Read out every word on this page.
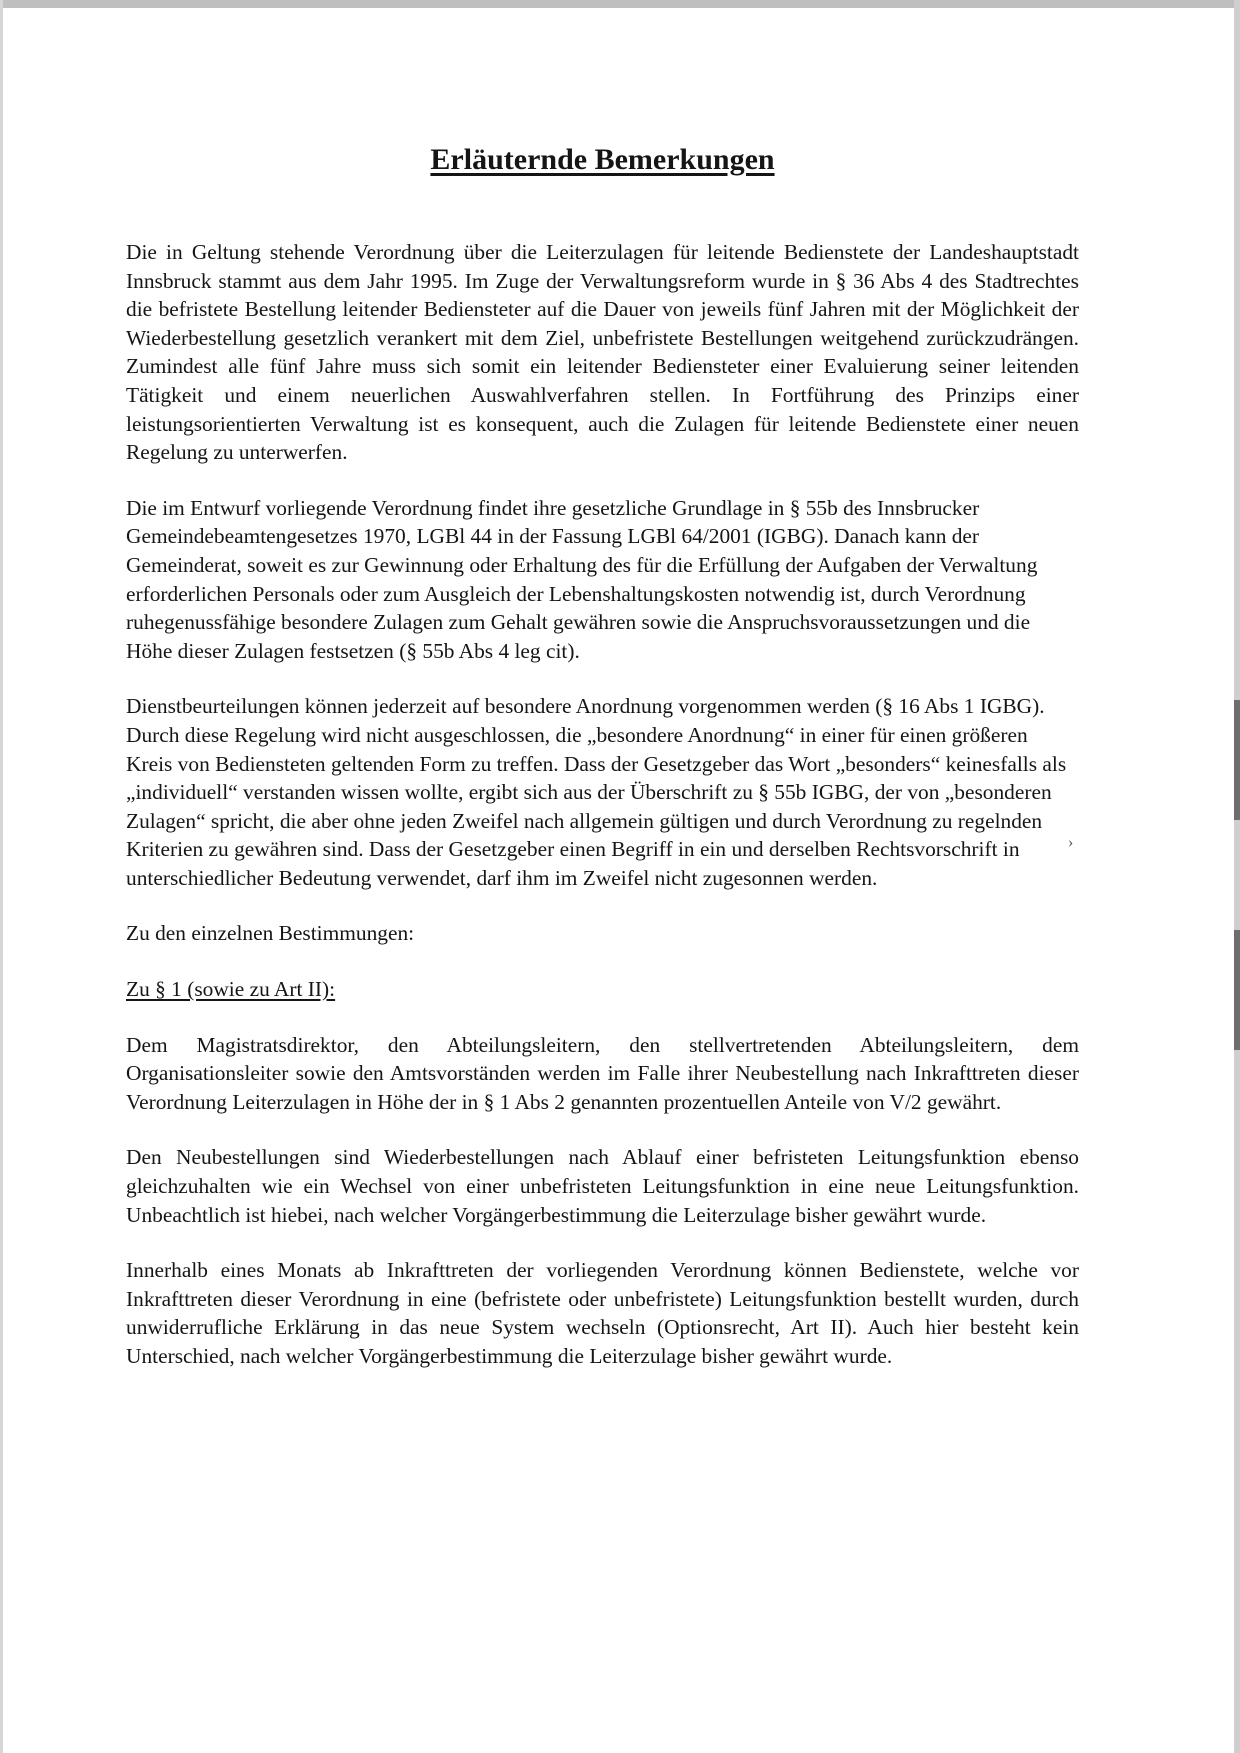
Erläuternde Bemerkungen

Die in Geltung stehende Verordnung über die Leiterzulagen für leitende Bedienstete der Landeshauptstadt Innsbruck stammt aus dem Jahr 1995. Im Zuge der Verwaltungsreform wurde in § 36 Abs 4 des Stadtrechtes die befristete Bestellung leitender Bediensteter auf die Dauer von jeweils fünf Jahren mit der Möglichkeit der Wiederbestellung gesetzlich verankert mit dem Ziel, unbefristete Bestellungen weitgehend zurückzudrängen. Zumindest alle fünf Jahre muss sich somit ein leitender Bediensteter einer Evaluierung seiner leitenden Tätigkeit und einem neuerlichen Auswahlverfahren stellen. In Fortführung des Prinzips einer leistungsorientierten Verwaltung ist es konsequent, auch die Zulagen für leitende Bedienstete einer neuen Regelung zu unterwerfen.

Die im Entwurf vorliegende Verordnung findet ihre gesetzliche Grundlage in § 55b des Innsbrucker Gemeindebeamtengesetzes 1970, LGBl 44 in der Fassung LGBl 64/2001 (IGBG). Danach kann der Gemeinderat, soweit es zur Gewinnung oder Erhaltung des für die Erfüllung der Aufgaben der Verwaltung erforderlichen Personals oder zum Ausgleich der Lebenshaltungskosten notwendig ist, durch Verordnung ruhegenussfähige besondere Zulagen zum Gehalt gewähren sowie die Anspruchsvoraussetzungen und die Höhe dieser Zulagen festsetzen (§ 55b Abs 4 leg cit).

Dienstbeurteilungen können jederzeit auf besondere Anordnung vorgenommen werden (§ 16 Abs 1 IGBG). Durch diese Regelung wird nicht ausgeschlossen, die „besondere Anordnung“ in einer für einen größeren Kreis von Bediensteten geltenden Form zu treffen. Dass der Gesetzgeber das Wort „besonders“ keinesfalls als „individuell“ verstanden wissen wollte, ergibt sich aus der Überschrift zu § 55b IGBG, der von „besonderen Zulagen“ spricht, die aber ohne jeden Zweifel nach allgemein gültigen und durch Verordnung zu regelnden Kriterien zu gewähren sind. Dass der Gesetzgeber einen Begriff in ein und derselben Rechtsvorschrift in unterschiedlicher Bedeutung verwendet, darf ihm im Zweifel nicht zugesonnen werden.

Zu den einzelnen Bestimmungen:

Zu § 1 (sowie zu Art II):

Dem Magistratsdirektor, den Abteilungsleitern, den stellvertretenden Abteilungsleitern, dem Organisationsleiter sowie den Amtsvorständen werden im Falle ihrer Neubestellung nach Inkrafttreten dieser Verordnung Leiterzulagen in Höhe der in § 1 Abs 2 genannten prozentuellen Anteile von V/2 gewährt.

Den Neubestellungen sind Wiederbestellungen nach Ablauf einer befristeten Leitungsfunktion ebenso gleichzuhalten wie ein Wechsel von einer unbefristeten Leitungsfunktion in eine neue Leitungsfunktion. Unbeachtlich ist hiebei, nach welcher Vorgängerbestimmung die Leiterzulage bisher gewährt wurde.

Innerhalb eines Monats ab Inkrafttreten der vorliegenden Verordnung können Bedienstete, welche vor Inkrafttreten dieser Verordnung in eine (befristete oder unbefristete) Leitungsfunktion bestellt wurden, durch unwiderrufliche Erklärung in das neue System wechseln (Optionsrecht, Art II). Auch hier besteht kein Unterschied, nach welcher Vorgängerbestimmung die Leiterzulage bisher gewährt wurde.

›
